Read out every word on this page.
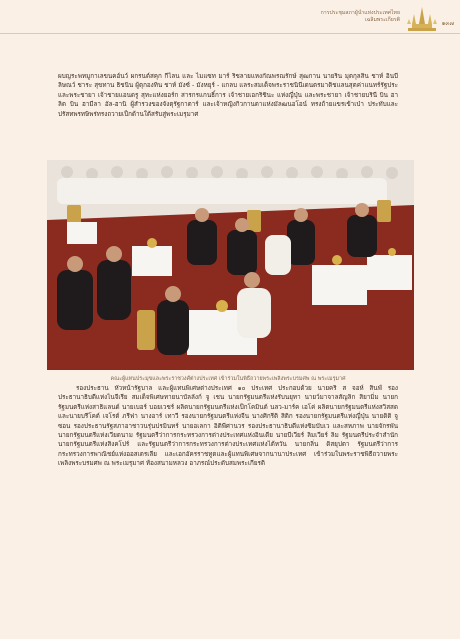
การประชุมสภาผู้นำแห่งประเทศไทย
เฉลิมพระเกียรติ	๑๓๗
ผบญระพทมูกาเลขนคอ์นว์ ผกรนต์สคุก กีไลน และ ไมแซท มาร์ ริชลายแหงกัณพรณรักษ์ สุฒกาน นายริน มุตกุลสิน ชาห์ อินบี ลิษณว์ ชาระ สุขทาน ธิชนิน ผู้ตุกองทิน ชาห์ มังซ์ - มังหยุร์ - แกลบ แลระสมเด็จพระราชนินีเดนตรมาติชแลนสุตค่าแนทร์รัฐประ และพระชายา เจ้าชายแอนดรู สุทะแห่งยอร์ก สารกรแกนธิ์การ เจ้าชายเอกริชินะ แห่งญี่ปุ่น และพระชายา เจ้าชายบรินี บิน ฮาลิต บิน ฮามีลา อัล-ฮานิ ผู้สำรวงของจังตุรัฐกาตาร์ และเจ้าหญิงกิวกานตาแห่งมัลฒนอโอน์ ทรงถ้ายแขรเข้าเป่า ประทับและปรัสทพรทษิพร่ทรงถวายเป็กด้านใต้สรับสู่พระเมรุมาศ
คณะผู้แทนประมุขและพระราชวงศ์ต่างประเทศ เข้าร่วมในพิธีถวายพระเพลิงพระบรมศพ ณ พระเมรุมาศ
รองประธาน หัวหน้ารัฐบาล และผู้แทนพิเศษต่างประเทศ ๑๐ ประเทศ ประกอบด้วย นายคริ ส จอห์ สินฟ์ รองประธานาธิบดีแห่งไนจีเรีย สมเด็จพิเศษทายนาบัลลังก์ จู เชน นายกรัฐมนตรีแห่งรับนยุทา นายว์มาจาลสัญลิก สิยามิ่ม นายกรัฐมนตรีแห่งสาธิแลนด์ นายเบอร์ บอยเวชร์ ผลิตนายกรัฐมนตรีแห่งเป็กโคมินต์ นลว-มาร์ค เอโค่ ผลิตนายกรัฐมนตรีแห่งสวิสสด และนายบรีโคต์ เจโรต์ ภรีฟา นางอาร์ เทาวี รองนายกรัฐมนตรีแห่งจีน นางศิกรีติ สิติก รองนายกรัฐมนตรีแห่งญี่ปุ่น นายดิติ จู ซอน รองประธานรัฐสภาอาชาวนรุ่นปรมินทร์ นายอเลกา อิติพีศานวร รองประธานาธิบดีแห่งซิมบับเว และสหภาพ นายจักรพัน นายกรัฐมนตรีแห่งเวียดนาม รัฐมนตรีว่าการกระทรวงการต่างประเทศแห่งอินเดีย นายบีเวียร์ ลิมเวียร์ ลิม รัฐมนตรีประจำสำนักนายกรัฐมนตรีแห่งสิงคโปร์ และรัฐมนตรีว่าการกระทรวงการต่างประเทศแห่งไต้หวัน นายกลิ่น ดิสยุปตา รัฐมนตรีว่าการกระทรวงการพาณิชย์แห่งออสเตรเลีย และเอกอัครราชทูตและผู้แทนพิเศษจากนานาประเทศ เข้าร่วมในพระราชพิธีถวายพระเพลิงพระบรมศพ ณ พระเมรุมาศ ท้องสนามหลวง อาภรณ์ประดับสมพระเกียรติ
